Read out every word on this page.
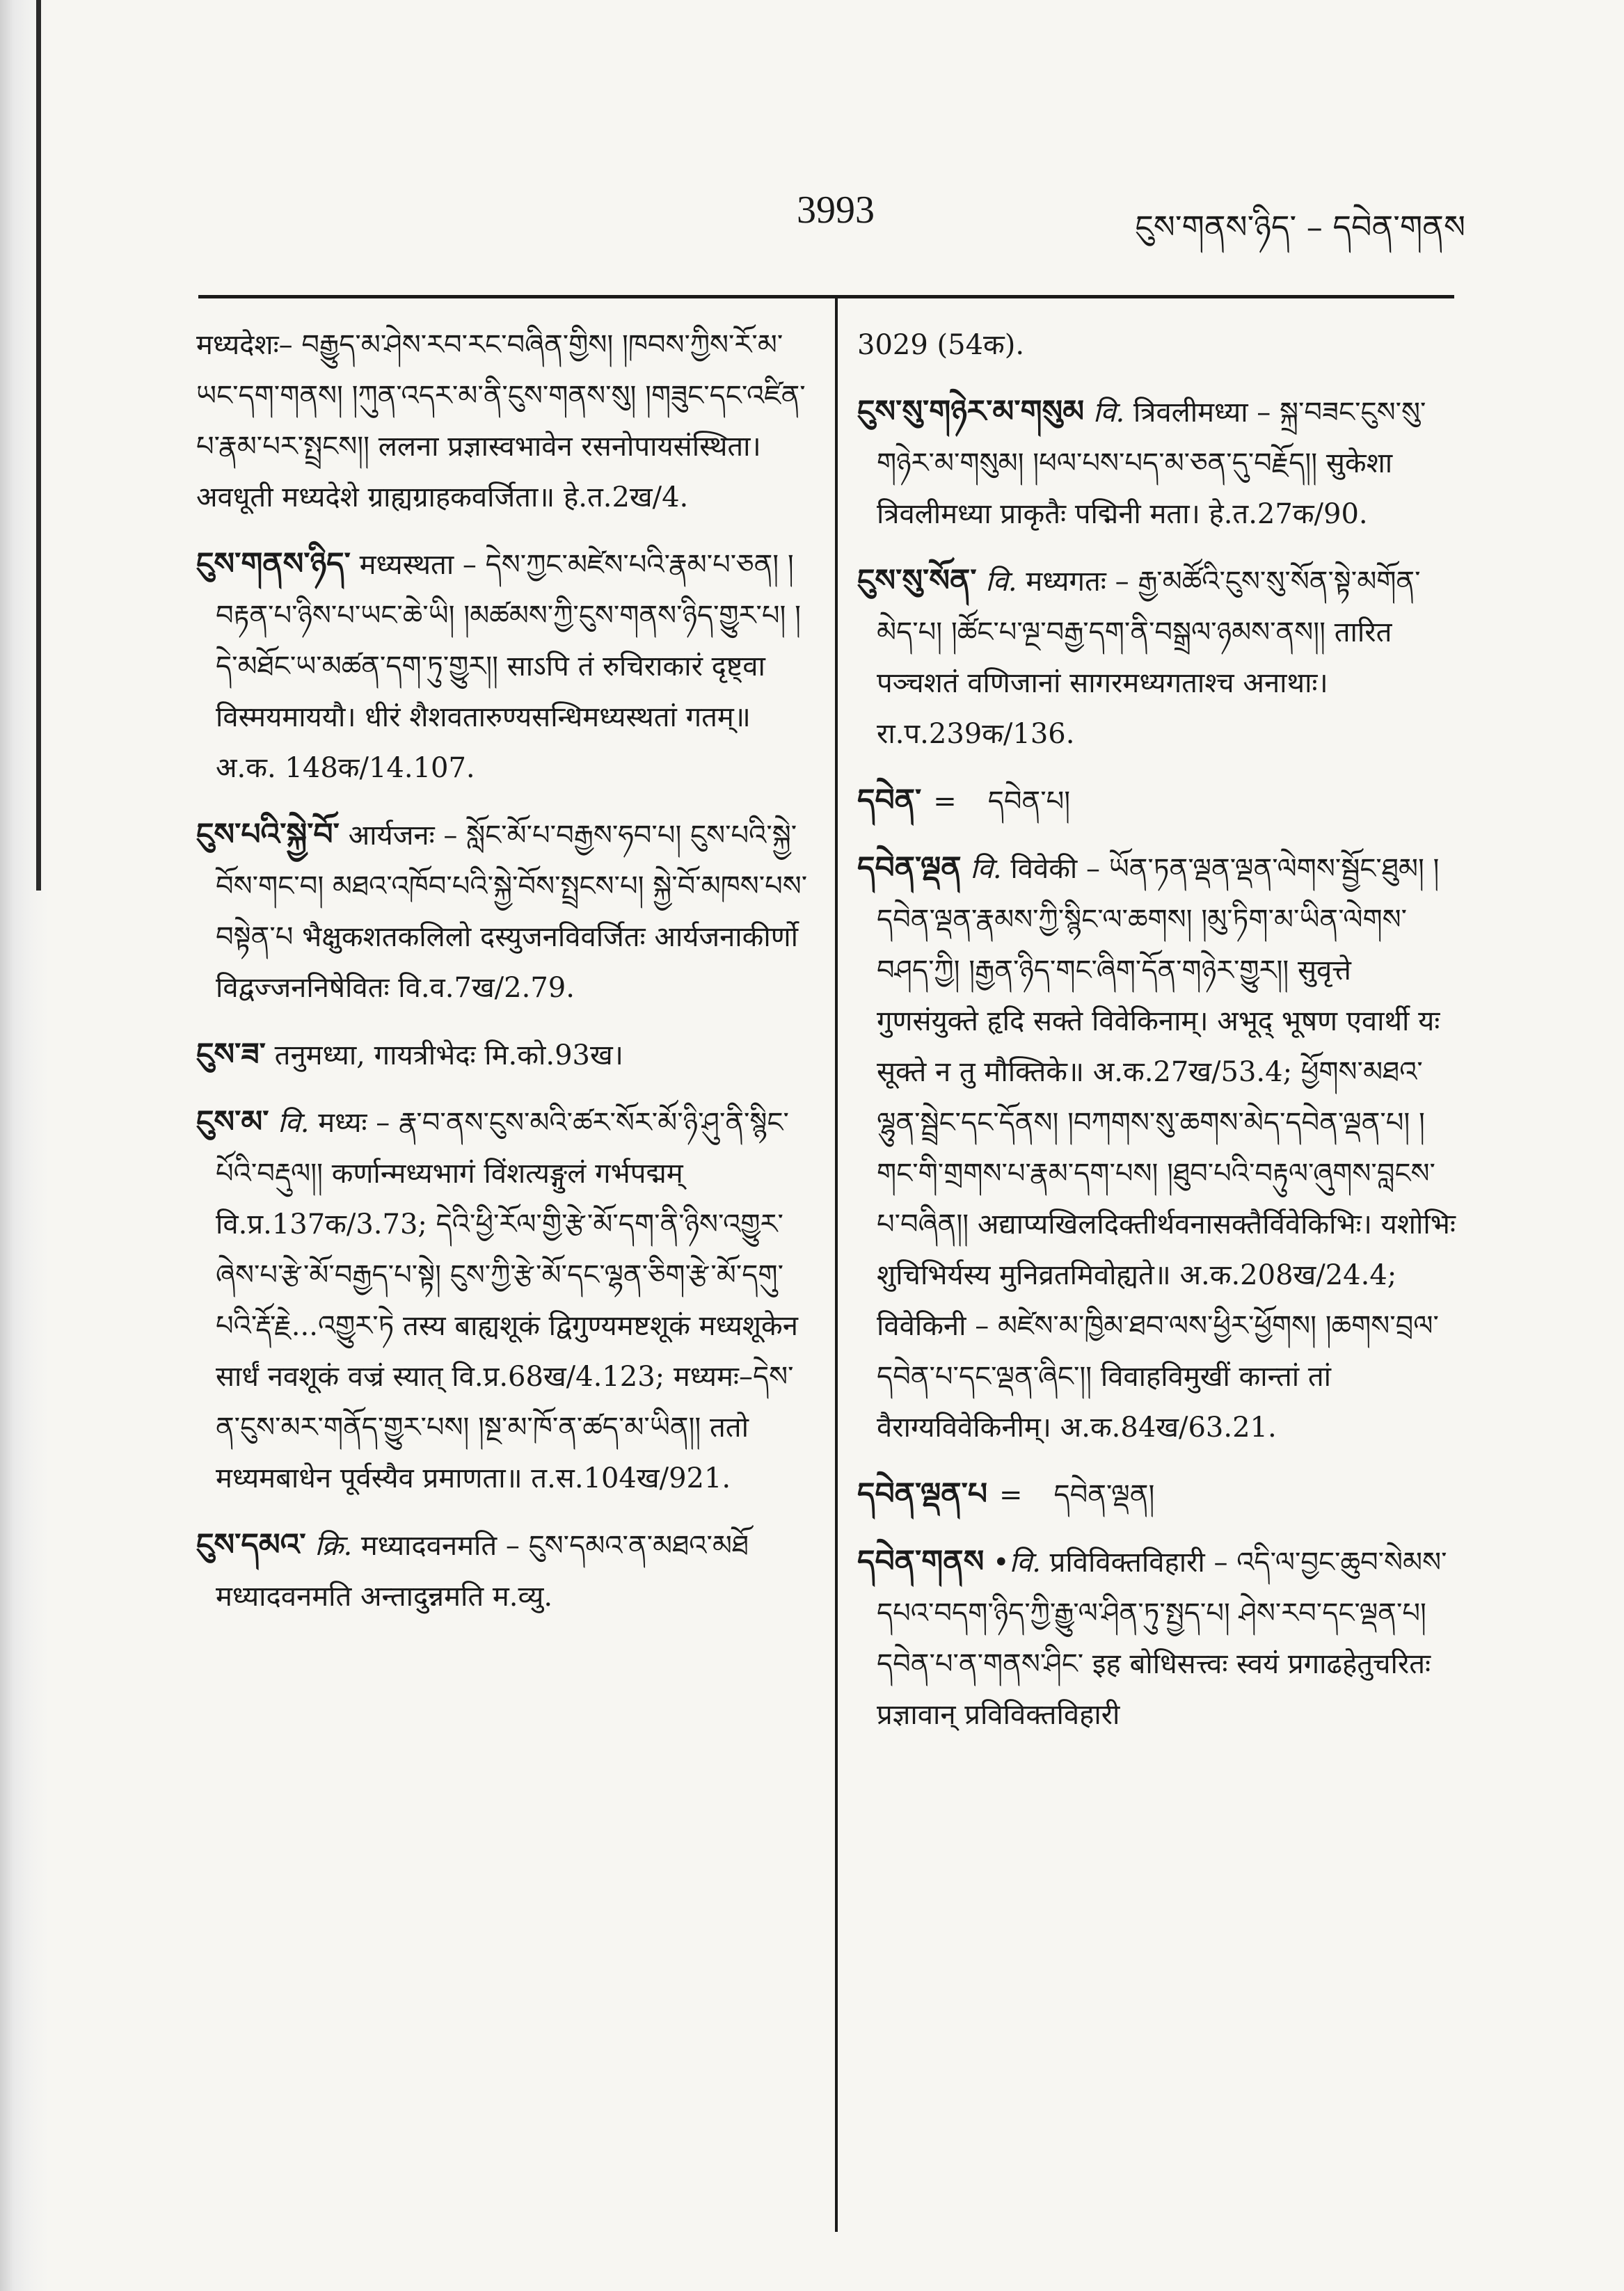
3993	ངུས་གནས་ཉིད་ – དབེན་གནས
मध्यदेशः– བརྒྱུད་མ་ཤེས་རབ་རང་བཞིན་གྱིས། །ཁབས་ཀྱིས་རོ་མ་ཡང་དག་གནས། །ཀུན་འདར་མ་ནི་ངུས་གནས་སུ། །གཟུང་དང་འཛིན་པ་རྣམ་པར་སྤྲངས།། ललना प्रज्ञास्वभावेन रसनोपायसंस्थिता। अवधूती मध्यदेशे ग्राह्यग्राहकवर्जिता॥ हे.त.2ख/4.
ངུས་གནས་ཉིད་ मध्यस्थता – དེས་ཀྱང་མཛེས་པའི་རྣམ་པ་ཅན། །བརྟན་པ་ཉིས་པ་ཡང་ཆེ་ཡི། །མཚམས་ཀྱི་ངུས་གནས་ཉིད་གྱུར་པ། །དེ་མཐོང་ཡ་མཚན་དག་ཏུ་གྱུར།། साऽपि तं रुचिराकारं दृष्ट्वा विस्मयमाययौ। धीरं शैशवतारुण्यसन्धिमध्यस्थतां गतम्॥ अ.क. 148क/14.107.
ངུས་པའི་སྐྱེ་བོ་ आर्यजनः – སློང་མོ་པ་བརྒྱས་ཧབ་པ། ངུས་པའི་སྐྱེ་བོས་གང་བ། མཐའ་འཁོབ་པའི་སྐྱེ་བོས་སྤྲངས་པ། སྐྱེ་བོ་མཁས་པས་བསྟེན་པ भैक्षुकशतकलिलो दस्युजनविवर्जितः आर्यजनाकीर्णो विद्वज्जननिषेवितः वि.व.7ख/2.79.
ངུས་ཟ་ तनुमध्या, गायत्रीभेदः मि.को.93ख।
ངུས་མ་ वि. मध्यः – རྣ་བ་ནས་ངུས་མའི་ཚར་སོར་མོ་ཉི་ཤུ་ནི་སྙིང་པོའི་བརྡུལ།། कर्णान्मध्यभागं विंशत्यङ्गुलं गर्भपद्मम् वि.प्र.137क/3.73; དེའི་ཕྱི་རོལ་གྱི་རྩེ་མོ་དག་ནི་ཉིས་འགྱུར་ཞེས་པ་རྩེ་མོ་བརྒྱད་པ་སྟེ། ངུས་ཀྱི་རྩེ་མོ་དང་ལྷན་ཅིག་རྩེ་མོ་དགུ་པའི་རྡོ་རྗེ...འགྱུར་ཏེ तस्य बाह्यशूकं द्विगुण्यमष्टशूकं मध्यशूकेन सार्धं नवशूकं वज्रं स्यात् वि.प्र.68ख/4.123; मध्यमः–དེས་ན་ངུས་མར་གནོད་གྱུར་པས། །སྔ་མ་ཁོ་ན་ཚད་མ་ཡིན།། ततो मध्यमबाधेन पूर्वस्यैव प्रमाणता॥ त.स.104ख/921.
ངུས་དམའ་ क्रि. मध्यादवनमति – ངུས་དམའ་ན་མཐའ་མཐོ मध्यादवनमति अन्तादुन्नमति म.व्यु.
3029 (54क).
ངུས་སུ་གཉེར་མ་གསུམ वि. त्रिवलीमध्या – སྐྲ་བཟང་ངུས་སུ་གཉེར་མ་གསུམ། །ཕལ་པས་པད་མ་ཅན་དུ་བརྗོད།། सुकेशा त्रिवलीमध्या प्राकृतैः पद्मिनी मता। हे.त.27क/90.
ངུས་སུ་སོན་ वि. मध्यगतः – རྒྱ་མཚོའི་ངུས་སུ་སོན་སྟེ་མགོན་མེད་པ། །ཚོང་པ་ལྔ་བརྒྱ་དག་ནི་བསྒྲལ་ཉམས་ནས།། तारित पञ्चशतं वणिजानां सागरमध्यगताश्च अनाथाः। रा.प.239क/136.
དབེན་ = དབེན་པ།
དབེན་ལྡན वि. विवेकी – ཡོན་ཏན་ལྡན་ལྡན་ལེགས་སྦྱོང་ཐུམ། །དབེན་ལྡན་རྣམས་ཀྱི་སྙིང་ལ་ཆགས། །མུ་ཏིག་མ་ཡིན་ལེགས་བཤད་ཀྱི། །རྒྱན་ཉིད་གང་ཞིག་དོན་གཉེར་གྱུར།། सुवृत्ते गुणसंयुक्ते हृदि सक्ते विवेकिनाम्। अभूद् भूषण एवार्थी यः सूक्ते न तु मौक्तिके॥ अ.क.27ख/53.4; ཕྱོགས་མཐའ་ལྷུན་སྦྲེང་དང་དོནས། །བཀགས་སུ་ཆགས་མེད་དབེན་ལྡན་པ། །གང་གི་གྲགས་པ་རྣམ་དག་པས། །ཐུབ་པའི་བརྟུལ་ཞུགས་བླངས་པ་བཞིན།། अद्याप्यखिलदिक्तीर्थवनासक्तैर्विवेकिभिः। यशोभिः शुचिभिर्यस्य मुनिव्रतमिवोह्यते॥ अ.क.208ख/24.4; विवेकिनी – མཛེས་མ་ཁྱིམ་ཐབ་ལས་ཕྱིར་ཕྱོགས། །ཆགས་བྲལ་དབེན་པ་དང་ལྡན་ཞིང་།། विवाहविमुखीं कान्तां तां वैराग्यविवेकिनीम्। अ.क.84ख/63.21.
དབེན་ལྡན་པ = དབེན་ལྡན།
དབེན་གནས •वि. प्रविविक्तविहारी – འདི་ལ་བྱང་ཆུབ་སེམས་དཔའ་བདག་ཉིད་ཀྱི་རྒྱུ་ལ་ཤིན་ཏུ་སྤྱད་པ། ཤེས་རབ་དང་ལྡན་པ། དབེན་པ་ན་གནས་ཤིང་ इह बोधिसत्त्वः स्वयं प्रगाढहेतुचरितः प्रज्ञावान् प्रविविक्तविहारी
